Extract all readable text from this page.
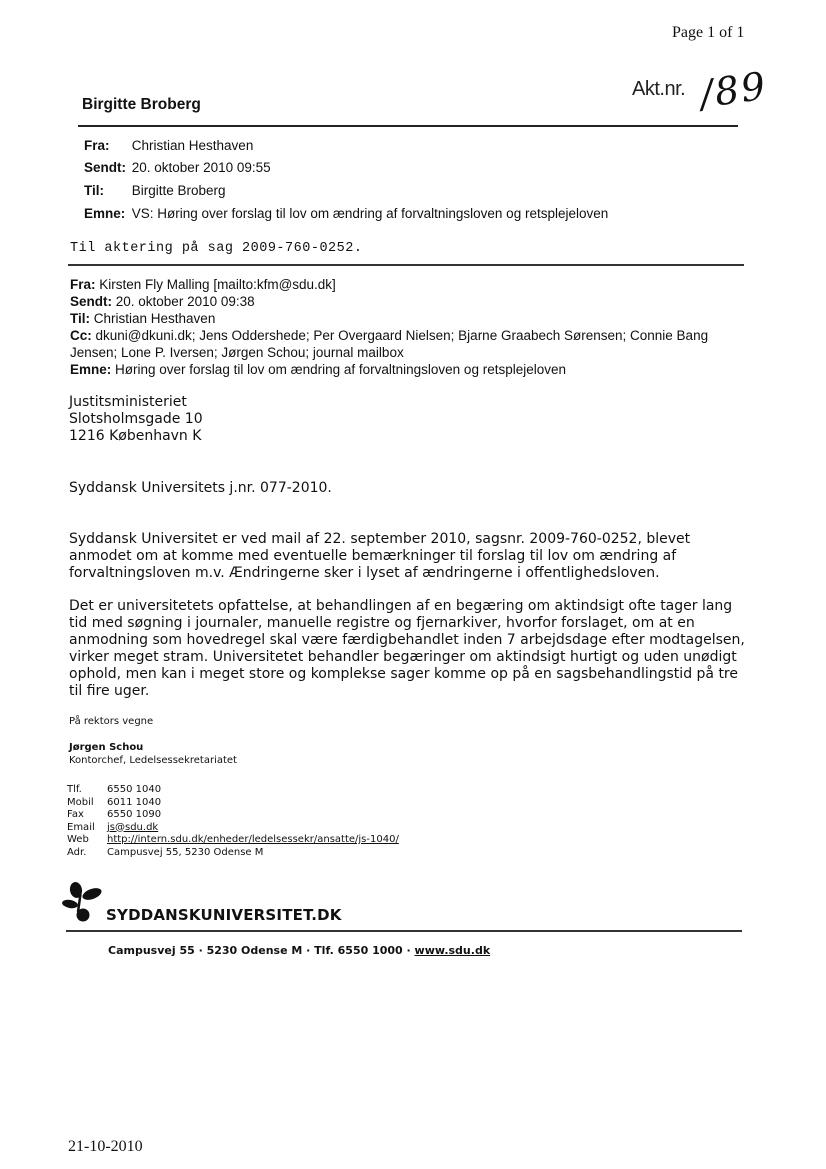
Page 1 of 1
Akt.nr. /89
Birgitte Broberg
Fra: Christian Hesthaven
Sendt: 20. oktober 2010 09:55
Til: Birgitte Broberg
Emne: VS: Høring over forslag til lov om ændring af forvaltningsloven og retsplejeloven
Til aktering på sag 2009-760-0252.
Fra: Kirsten Fly Malling [mailto:kfm@sdu.dk]
Sendt: 20. oktober 2010 09:38
Til: Christian Hesthaven
Cc: dkuni@dkuni.dk; Jens Oddershede; Per Overgaard Nielsen; Bjarne Graabech Sørensen; Connie Bang
Jensen; Lone P. Iversen; Jørgen Schou; journal mailbox
Emne: Høring over forslag til lov om ændring af forvaltningsloven og retsplejeloven
Justitsministeriet
Slotsholmsgade 10
1216 København K
Syddansk Universitets j.nr. 077-2010.
Syddansk Universitet er ved mail af 22. september 2010, sagsnr. 2009-760-0252, blevet
anmodet om at komme med eventuelle bemærkninger til forslag til lov om ændring af
forvaltningsloven m.v. Ændringerne sker i lyset af ændringerne i offentlighedsloven.
Det er universitetets opfattelse, at behandlingen af en begæring om aktindsigt ofte tager lang
tid med søgning i journaler, manuelle registre og fjernarkiver, hvorfor forslaget, om at en
anmodning som hovedregel skal være færdigbehandlet inden 7 arbejdsdage efter modtagelsen,
virker meget stram. Universitetet behandler begæringer om aktindsigt hurtigt og uden unødigt
ophold, men kan i meget store og komplekse sager komme op på en sagsbehandlingstid på tre
til fire uger.
På rektors vegne
Jørgen Schou
Kontorchef, Ledelsessekretariatet
Tlf.	6550 1040
Mobil 6011 1040
Fax 6550 1090
Email js@sdu.dk
Web http://intern.sdu.dk/enheder/ledelsessekr/ansatte/js-1040/
Adr. Campusvej 55, 5230 Odense M
SYDDANSKUNIVERSITET.DK
Campusvej 55 · 5230 Odense M · Tlf. 6550 1000 · www.sdu.dk
21-10-2010
